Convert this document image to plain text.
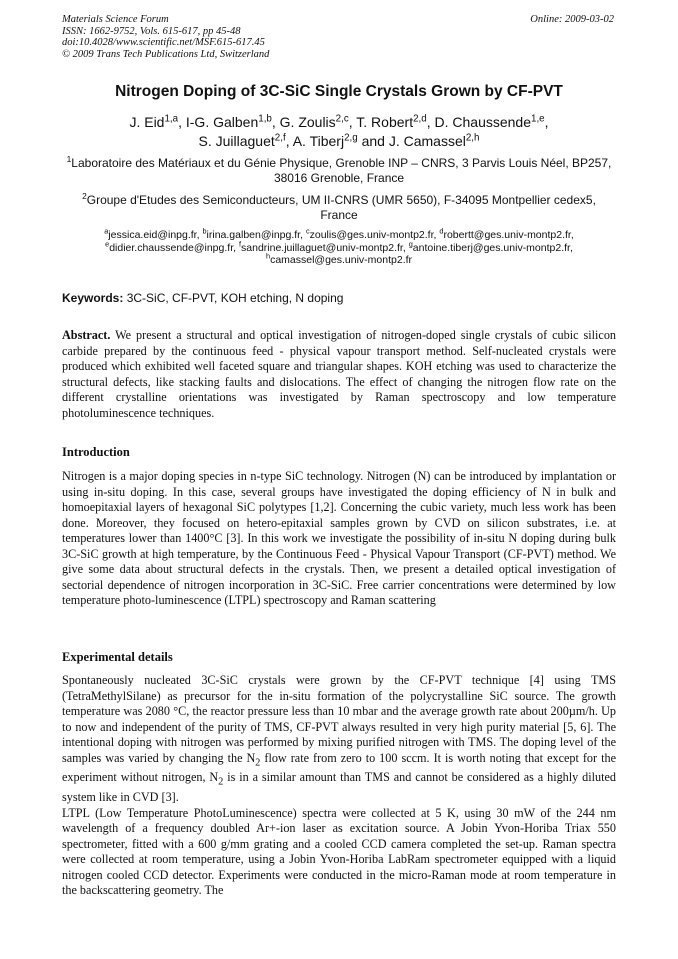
Materials Science Forum
ISSN: 1662-9752, Vols. 615-617, pp 45-48
doi:10.4028/www.scientific.net/MSF.615-617.45
© 2009 Trans Tech Publications Ltd, Switzerland
Online: 2009-03-02
Nitrogen Doping of 3C-SiC Single Crystals Grown by CF-PVT
J. Eid$^{1,a}$, I-G. Galben$^{1,b}$, G. Zoulis$^{2,c}$, T. Robert$^{2,d}$, D. Chaussende$^{1,e}$,
S. Juillaguet$^{2,f}$, A. Tiberj$^{2,g}$ and J. Camassel$^{2,h}$
$^1$Laboratoire des Matériaux et du Génie Physique, Grenoble INP – CNRS, 3 Parvis Louis Néel, BP257, 38016 Grenoble, France
$^2$Groupe d'Etudes des Semiconducteurs, UM II-CNRS (UMR 5650), F-34095 Montpellier cedex5, France
$^a$jessica.eid@inpg.fr, $^b$irina.galben@inpg.fr, $^c$zoulis@ges.univ-montp2.fr, $^d$robertt@ges.univ-montp2.fr, $^e$didier.chaussende@inpg.fr, $^f$sandrine.juillaguet@univ-montp2.fr, $^g$antoine.tiberj@ges.univ-montp2.fr,
$^h$camassel@ges.univ-montp2.fr
Keywords: 3C-SiC, CF-PVT, KOH etching, N doping

Abstract. We present a structural and optical investigation of nitrogen-doped single crystals of cubic silicon carbide prepared by the continuous feed - physical vapour transport method. Self-nucleated crystals were produced which exhibited well faceted square and triangular shapes. KOH etching was used to characterize the structural defects, like stacking faults and dislocations. The effect of changing the nitrogen flow rate on the different crystalline orientations was investigated by Raman spectroscopy and low temperature photoluminescence techniques.

Introduction

Nitrogen is a major doping species in n-type SiC technology. Nitrogen (N) can be introduced by implantation or using in-situ doping. In this case, several groups have investigated the doping efficiency of N in bulk and homoepitaxial layers of hexagonal SiC polytypes [1,2]. Concerning the cubic variety, much less work has been done. Moreover, they focused on hetero-epitaxial samples grown by CVD on silicon substrates, i.e. at temperatures lower than 1400°C [3]. In this work we investigate the possibility of in-situ N doping during bulk 3C-SiC growth at high temperature, by the Continuous Feed - Physical Vapour Transport (CF-PVT) method. We give some data about structural defects in the crystals. Then, we present a detailed optical investigation of sectorial dependence of nitrogen incorporation in 3C-SiC. Free carrier concentrations were determined by low temperature photo-luminescence (LTPL) spectroscopy and Raman scattering

Experimental details

Spontaneously nucleated 3C-SiC crystals were grown by the CF-PVT technique [4] using TMS (TetraMethylSilane) as precursor for the in-situ formation of the polycrystalline SiC source. The growth temperature was 2080 °C, the reactor pressure less than 10 mbar and the average growth rate about 200µm/h. Up to now and independent of the purity of TMS, CF-PVT always resulted in very high purity material [5, 6]. The intentional doping with nitrogen was performed by mixing purified nitrogen with TMS. The doping level of the samples was varied by changing the $N_2$ flow rate from zero to 100 sccm. It is worth noting that except for the experiment without nitrogen, $N_2$ is in a similar amount than TMS and cannot be considered as a highly diluted system like in CVD [3].

LTPL (Low Temperature PhotoLuminescence) spectra were collected at 5 K, using 30 mW of the 244 nm wavelength of a frequency doubled Ar+-ion laser as excitation source. A Jobin Yvon-Horiba Triax 550 spectrometer, fitted with a 600 g/mm grating and a cooled CCD camera completed the set-up. Raman spectra were collected at room temperature, using a Jobin Yvon-Horiba LabRam spectrometer equipped with a liquid nitrogen cooled CCD detector. Experiments were conducted in the micro-Raman mode at room temperature in the backscattering geometry. The
